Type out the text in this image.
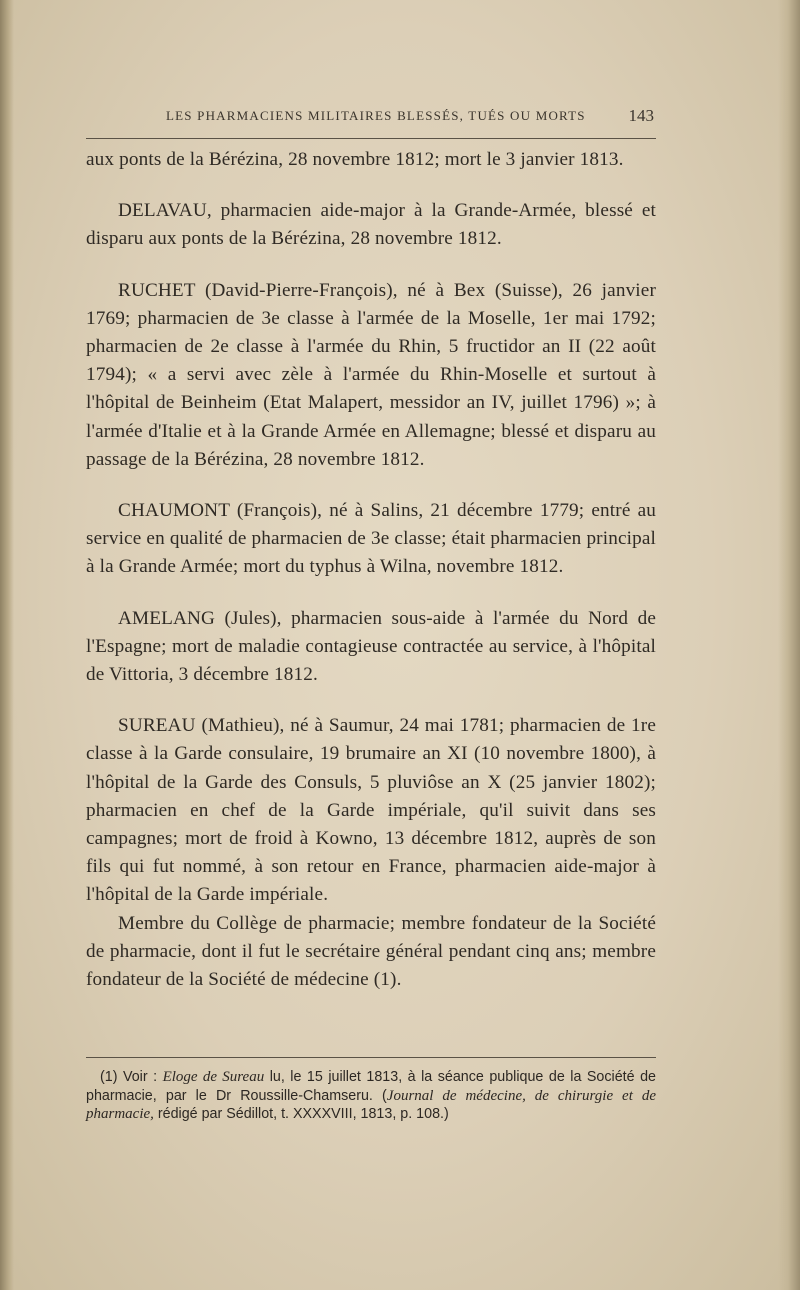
LES PHARMACIENS MILITAIRES BLESSÉS, TUÉS OU MORTS	143

aux ponts de la Bérézina, 28 novembre 1812; mort le 3 janvier 1813.

DELAVAU, pharmacien aide-major à la Grande-Armée, blessé et disparu aux ponts de la Bérézina, 28 novembre 1812.

RUCHET (David-Pierre-François), né à Bex (Suisse), 26 janvier 1769; pharmacien de 3e classe à l'armée de la Moselle, 1er mai 1792; pharmacien de 2e classe à l'armée du Rhin, 5 fructidor an II (22 août 1794); « a servi avec zèle à l'armée du Rhin-Moselle et surtout à l'hôpital de Beinheim (Etat Malapert, messidor an IV, juillet 1796) »; à l'armée d'Italie et à la Grande Armée en Allemagne; blessé et disparu au passage de la Bérézina, 28 novembre 1812.

CHAUMONT (François), né à Salins, 21 décembre 1779; entré au service en qualité de pharmacien de 3e classe; était pharmacien principal à la Grande Armée; mort du typhus à Wilna, novembre 1812.

AMELANG (Jules), pharmacien sous-aide à l'armée du Nord de l'Espagne; mort de maladie contagieuse contractée au service, à l'hôpital de Vittoria, 3 décembre 1812.

SUREAU (Mathieu), né à Saumur, 24 mai 1781; pharmacien de 1re classe à la Garde consulaire, 19 brumaire an XI (10 novembre 1800), à l'hôpital de la Garde des Consuls, 5 pluviôse an X (25 janvier 1802); pharmacien en chef de la Garde impériale, qu'il suivit dans ses campagnes; mort de froid à Kowno, 13 décembre 1812, auprès de son fils qui fut nommé, à son retour en France, pharmacien aide-major à l'hôpital de la Garde impériale.

Membre du Collège de pharmacie; membre fondateur de la Société de pharmacie, dont il fut le secrétaire général pendant cinq ans; membre fondateur de la Société de médecine (1).

(1) Voir : Eloge de Sureau lu, le 15 juillet 1813, à la séance publique de la Société de pharmacie, par le Dr Roussille-Chamseru. (Journal de médecine, de chirurgie et de pharmacie, rédigé par Sédillot, t. XXXXVIII, 1813, p. 108.)
